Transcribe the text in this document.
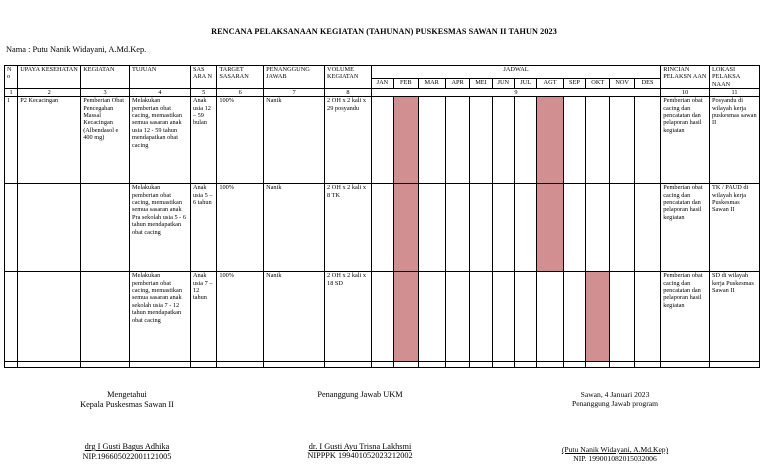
RENCANA PELAKSANAAN KEGIATAN (TAHUNAN) PUSKESMAS SAWAN II TAHUN 2023
Nama : Putu Nanik Widayani, A.Md.Kep.
N o	UPAYA KESEHATAN	KEGIATAN	TUJUAN	SAS ARA N	TARGET SASARAN	PENANGGUNG JAWAB	VOLUME KEGIATAN	JADWAL												RINCIAN PELAKSN AAN	LOKASI PELAKSA NAAN
								JAN	FEB	MAR	APR	MEI	JUN	JUL	AGT	SEP	OKT	NOV	DES		
1	2	3	4	5	6	7	8	9												10	11
1	P2 Kecacingan	Pemberian Obat Pencegahan Massal Kecacingan (Albendasol e 400 mg)	Melakukan pemberian obat cacing, memastikan semua sasaran anak usia 12 - 59 tahun mendapatkan obat cacing	Anak usia 12 – 59 bulan	100%	Nanik	2 OH x 2 kali x 29 posyandu													Pemberian obat cacing dan pencatatan dan pelaporan hasil kegiatan	Posyandu di wilayah kerja puskesmas sawan II
			Melakukan pemberian obat cacing, memastikan semua sasaran anak Pra sekolah usia 5 - 6 tahun mendapatkan obat cacing	Anak usia 5 – 6 tahun	100%	Nanik	2 OH x 2 kali x 8 TK													Pemberian obat cacing dan pencatatan dan pelaporan hasil kegiatan	TK / PAUD di wilayah kerja Puskesmas Sawan II
			Melakukan pemberian obat cacing, memastikan semua sasaran anak sekolah usia 7 - 12 tahun mendapatkan obat cacing	Anak usia 7 – 12 tahun	100%	Nanik	2 OH x 2 kali x 18 SD													Pemberian obat cacing dan pencatatan dan pelaporan hasil kegiatan	SD di wilayah kerja Puskesmas Sawan II

Mengetahui
Kepala Puskesmas Sawan II
drg I Gusti Bagus Adhika
NIP.196605022001121005
Penanggung Jawab UKM
dr. I Gusti Ayu Trisna Lakhsmi
NIPPPK 199401052023212002
Sawan, 4 Januari 2023
Penanggung Jawab program
(Putu Nanik Widayani, A.Md.Kep)
NIP. 199001082015032006
